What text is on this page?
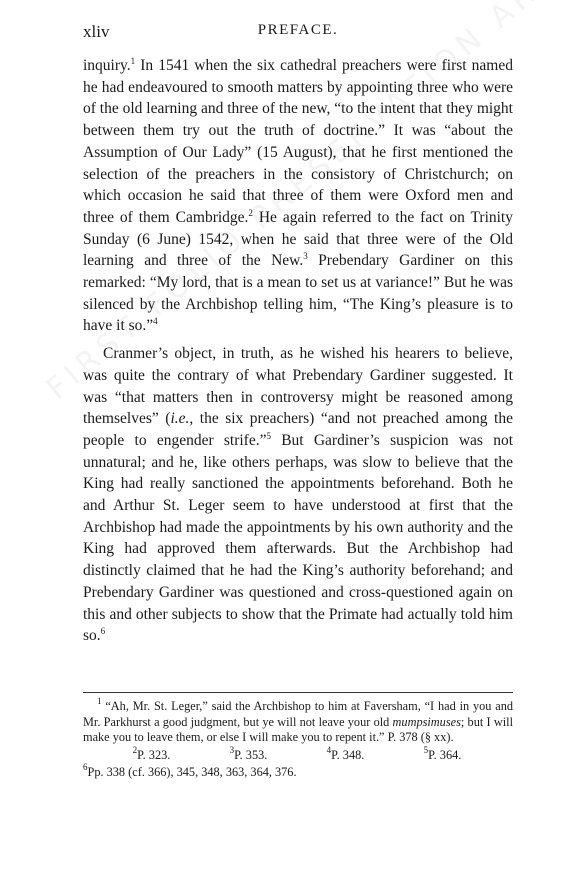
xliv	PREFACE.

inquiry.$^1$ In 1541 when the six cathedral preachers were first named he had endeavoured to smooth matters by appointing three who were of the old learning and three of the new, “to the intent that they might between them try out the truth of doctrine.” It was “about the Assumption of Our Lady” (15 August), that he first mentioned the selection of the preachers in the consistory of Christchurch; on which occasion he said that three of them were Oxford men and three of them Cambridge.$^2$ He again referred to the fact on Trinity Sunday (6 June) 1542, when he said that three were of the Old learning and three of the New.$^3$ Prebendary Gardiner on this remarked: “My lord, that is a mean to set us at variance!” But he was silenced by the Archbishop telling him, “The King’s pleasure is to have it so.”$^4$

Cranmer’s object, in truth, as he wished his hearers to believe, was quite the contrary of what Prebendary Gardiner suggested. It was “that matters then in controversy might be reasoned among themselves” (i.e., the six preachers) “and not preached among the people to engender strife.”$^5$ But Gardiner’s suspicion was not unnatural; and he, like others perhaps, was slow to believe that the King had really sanctioned the appointments beforehand. Both he and Arthur St. Leger seem to have understood at first that the Archbishop had made the appointments by his own authority and the King had approved them afterwards. But the Archbishop had distinctly claimed that he had the King’s authority beforehand; and Prebendary Gardiner was questioned and cross-questioned again on this and other subjects to show that the Primate had actually told him so.$^6$

$^1$ “Ah, Mr. St. Leger,” said the Archbishop to him at Faversham, “I had in you and Mr. Parkhurst a good judgment, but ye will not leave your old mumpsimuses; but I will make you to leave them, or else I will make you to repent it.” P. 378 (§ xx).

$^2$P. 323.	$^3$P. 353.	$^4$P. 348.	$^5$P. 364.

$^6$Pp. 338 (cf. 366), 345, 348, 363, 364, 376.
